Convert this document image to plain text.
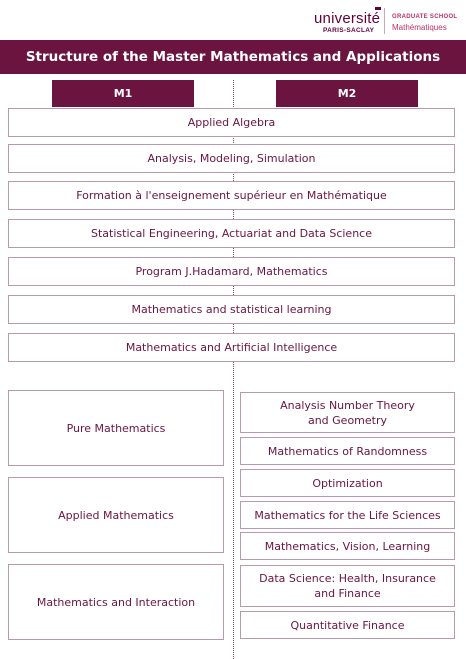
université
PARIS-SACLAY
GRADUATE SCHOOL
Mathématiques
Structure of the Master Mathematics and Applications
M1	M2
Applied Algebra
Analysis, Modeling, Simulation
Formation à l'enseignement supérieur en Mathématique
Statistical Engineering, Actuariat and Data Science
Program J.Hadamard, Mathematics
Mathematics and statistical learning
Mathematics and Artificial Intelligence
Pure Mathematics
Applied Mathematics
Mathematics and Interaction
Analysis Number Theory and Geometry
Mathematics of Randomness
Optimization
Mathematics for the Life Sciences
Mathematics, Vision, Learning
Data Science: Health, Insurance and Finance
Quantitative Finance
